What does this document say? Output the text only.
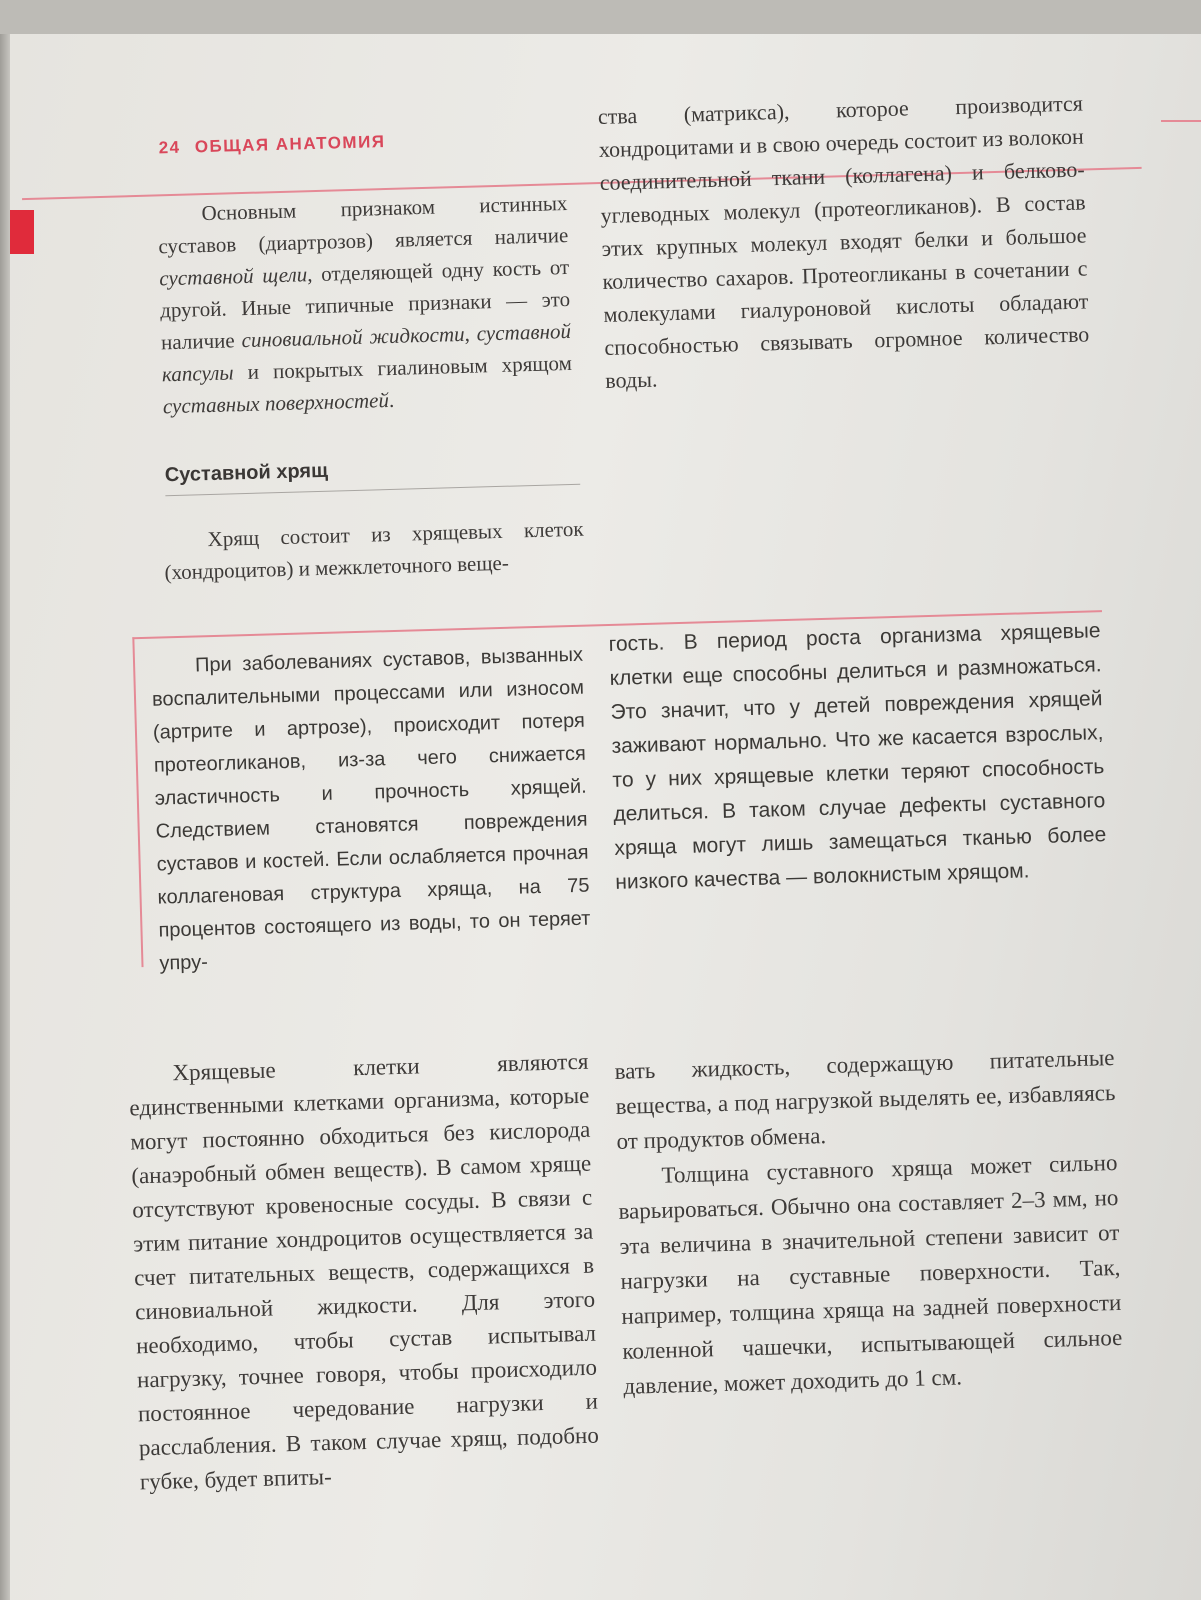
24 ОБЩАЯ АНАТОМИЯ

Основным признаком истинных суставов (диартрозов) является наличие суставной щели, отделяющей одну кость от другой. Иные типичные признаки — это наличие синовиальной жидкости, суставной капсулы и покрытых гиалиновым хрящом суставных поверхностей.

ства (матрикса), которое производится хондроцитами и в свою очередь состоит из волокон соединительной ткани (коллагена) и белково-углеводных молекул (протеогликанов). В состав этих крупных молекул входят белки и большое количество сахаров. Протеогликаны в сочетании с молекулами гиалуроновой кислоты обладают способностью связывать огромное количество воды.

Суставной хрящ

Хрящ состоит из хрящевых клеток (хондроцитов) и межклеточного веще-

При заболеваниях суставов, вызванных воспалительными процессами или износом (артрите и артрозе), происходит потеря протеогликанов, из-за чего снижается эластичность и прочность хрящей. Следствием становятся повреждения суставов и костей. Если ослабляется прочная коллагеновая структура хряща, на 75 процентов состоящего из воды, то он теряет упру-

гость. В период роста организма хрящевые клетки еще способны делиться и размножаться. Это значит, что у детей повреждения хрящей заживают нормально. Что же касается взрослых, то у них хрящевые клетки теряют способность делиться. В таком случае дефекты суставного хряща могут лишь замещаться тканью более низкого качества — волокнистым хрящом.

Хрящевые клетки являются единственными клетками организма, которые могут постоянно обходиться без кислорода (анаэробный обмен веществ). В самом хряще отсутствуют кровеносные сосуды. В связи с этим питание хондроцитов осуществляется за счет питательных веществ, содержащихся в синовиальной жидкости. Для этого необходимо, чтобы сустав испытывал нагрузку, точнее говоря, чтобы происходило постоянное чередование нагрузки и расслабления. В таком случае хрящ, подобно губке, будет впиты-

вать жидкость, содержащую питательные вещества, а под нагрузкой выделять ее, избавляясь от продуктов обмена.

Толщина суставного хряща может сильно варьироваться. Обычно она составляет 2–3 мм, но эта величина в значительной степени зависит от нагрузки на суставные поверхности. Так, например, толщина хряща на задней поверхности коленной чашечки, испытывающей сильное давление, может доходить до 1 см.
